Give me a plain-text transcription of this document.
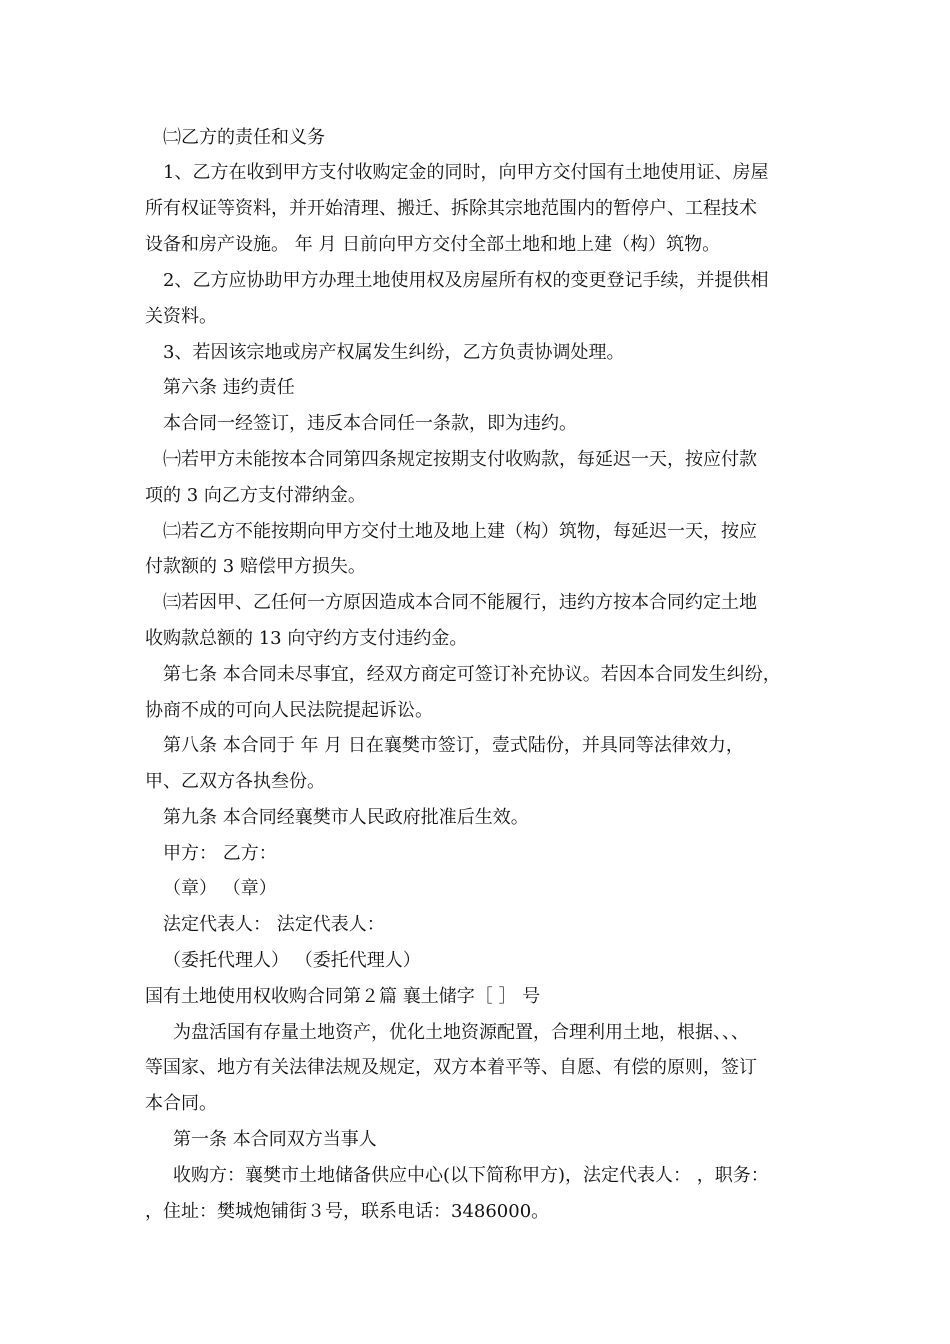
㈡乙方的责任和义务

1、乙方在收到甲方支付收购定金的同时，向甲方交付国有土地使用证、房屋

所有权证等资料，并开始清理、搬迁、拆除其宗地范围内的暂停户、工程技术

设备和房产设施。 年 月 日前向甲方交付全部土地和地上建（构）筑物。

2、乙方应协助甲方办理土地使用权及房屋所有权的变更登记手续，并提供相

关资料。

3、若因该宗地或房产权属发生纠纷，乙方负责协调处理。

第六条 违约责任

本合同一经签订，违反本合同任一条款，即为违约。

㈠若甲方未能按本合同第四条规定按期支付收购款，每延迟一天，按应付款

项的 3 向乙方支付滞纳金。

㈡若乙方不能按期向甲方交付土地及地上建（构）筑物，每延迟一天，按应

付款额的 3 赔偿甲方损失。

㈢若因甲、乙任何一方原因造成本合同不能履行，违约方按本合同约定土地

收购款总额的 13 向守约方支付违约金。

第七条 本合同未尽事宜，经双方商定可签订补充协议。若因本合同发生纠纷，

协商不成的可向人民法院提起诉讼。

第八条 本合同于 年 月 日在襄樊市签订，壹式陆份，并具同等法律效力，

甲、乙双方各执叁份。

第九条 本合同经襄樊市人民政府批准后生效。

甲方： 乙方：

（章） （章）

法定代表人： 法定代表人：

（委托代理人） （委托代理人）

国有土地使用权收购合同第２篇 襄土储字［ ］ 号

为盘活国有存量土地资产，优化土地资源配置，合理利用土地，根据、、、

等国家、地方有关法律法规及规定，双方本着平等、自愿、有偿的原则，签订

本合同。

第一条 本合同双方当事人

收购方：襄樊市土地储备供应中心(以下简称甲方)，法定代表人： ，职务：

，住址：樊城炮铺街３号，联系电话：3486000。
